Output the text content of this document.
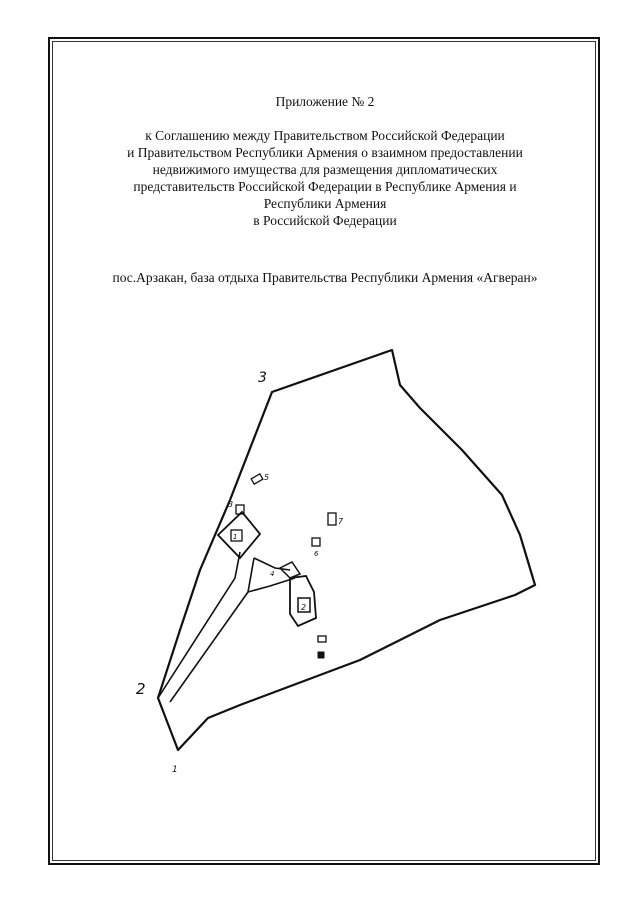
Приложение № 2
к Соглашению между Правительством Российской Федерации
и Правительством Республики Армения о взаимном предоставлении
недвижимого имущества для размещения дипломатических
представительств Российской Федерации в Республике Армения и
Республики Армения
в Российской Федерации
пос.Арзакан, база отдыха Правительства Республики Армения «Агверан»
3
2
1
5
3
1
7
6
4
2
